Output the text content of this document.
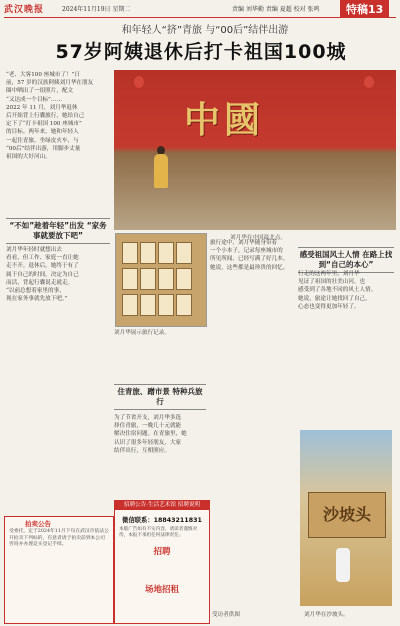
武汉晚报	2024年11月19日 星期二	责编 刘华勤 责编 夏超 校对 张鸣	特稿13
和年轻人“挤”青旅 与“00后”结伴出游
57岁阿姨退休后打卡祖国100城
“老、大客100 座城市了！”日
前，57 岁的汉族阿姨刘月华在朋友
圈中晒出了一组照片，配文
“又达成一个目标”……
2022 年 11 月，刘月华退休
后开始背上行囊旅行，她给自己
定下了“打卡祖国 100 座城市”
的目标。两年来，她和年轻人
一起住青旅、坐绿皮火车，与
“00后”结伴出游，用脚步丈量
祖国的大好河山。
中國
刘月华在中国最北点。
“不如”趁着年轻”出发 “家务事就要放下吧”
刘月华年轻时就想出去
看看，但工作、家庭一直让她
走不开。退休后，她终于有了
属于自己的时间，决定为自己
而活，背起行囊说走就走。
“以前总想着家里的事，
现在家务事就先放下吧。”
刘月华展示旅行记录。
旅行途中，刘月华随身带着
一个小本子，记录每座城市的
所见所闻，已经写满了好几本。
她说，这些都是最珍贵的回忆。
感受祖国风土人情 在路上找到“自己的本心”
行走的这两年里，刘月华
见证了祖国的壮美山河，也
感受到了各地不同的风土人情。
她说，旅途让她找回了自己，
心态也变得更加年轻了。
住青旅、蹭市景 特种兵旅行
为了节省开支，刘月华多选
择住青旅，一晚几十元就能
解决住宿问题。在青旅里，她
认识了很多年轻朋友，大家
结伴出行，互相照应。
拍卖公告
受委托，定于2024年11月下旬在武汉市依法公开拍卖下列标的，有意者请于拍卖前到本公司咨询并办理竞买登记手续。
招聘公告·生活艺术馆 招聘说明
微信联系：18843211831
本版广告如有不实内容，请读者谨慎对待，本报不承担任何法律责任。
招聘
场地招租
沙坡头
受访者供图	刘月华在沙坡头。
